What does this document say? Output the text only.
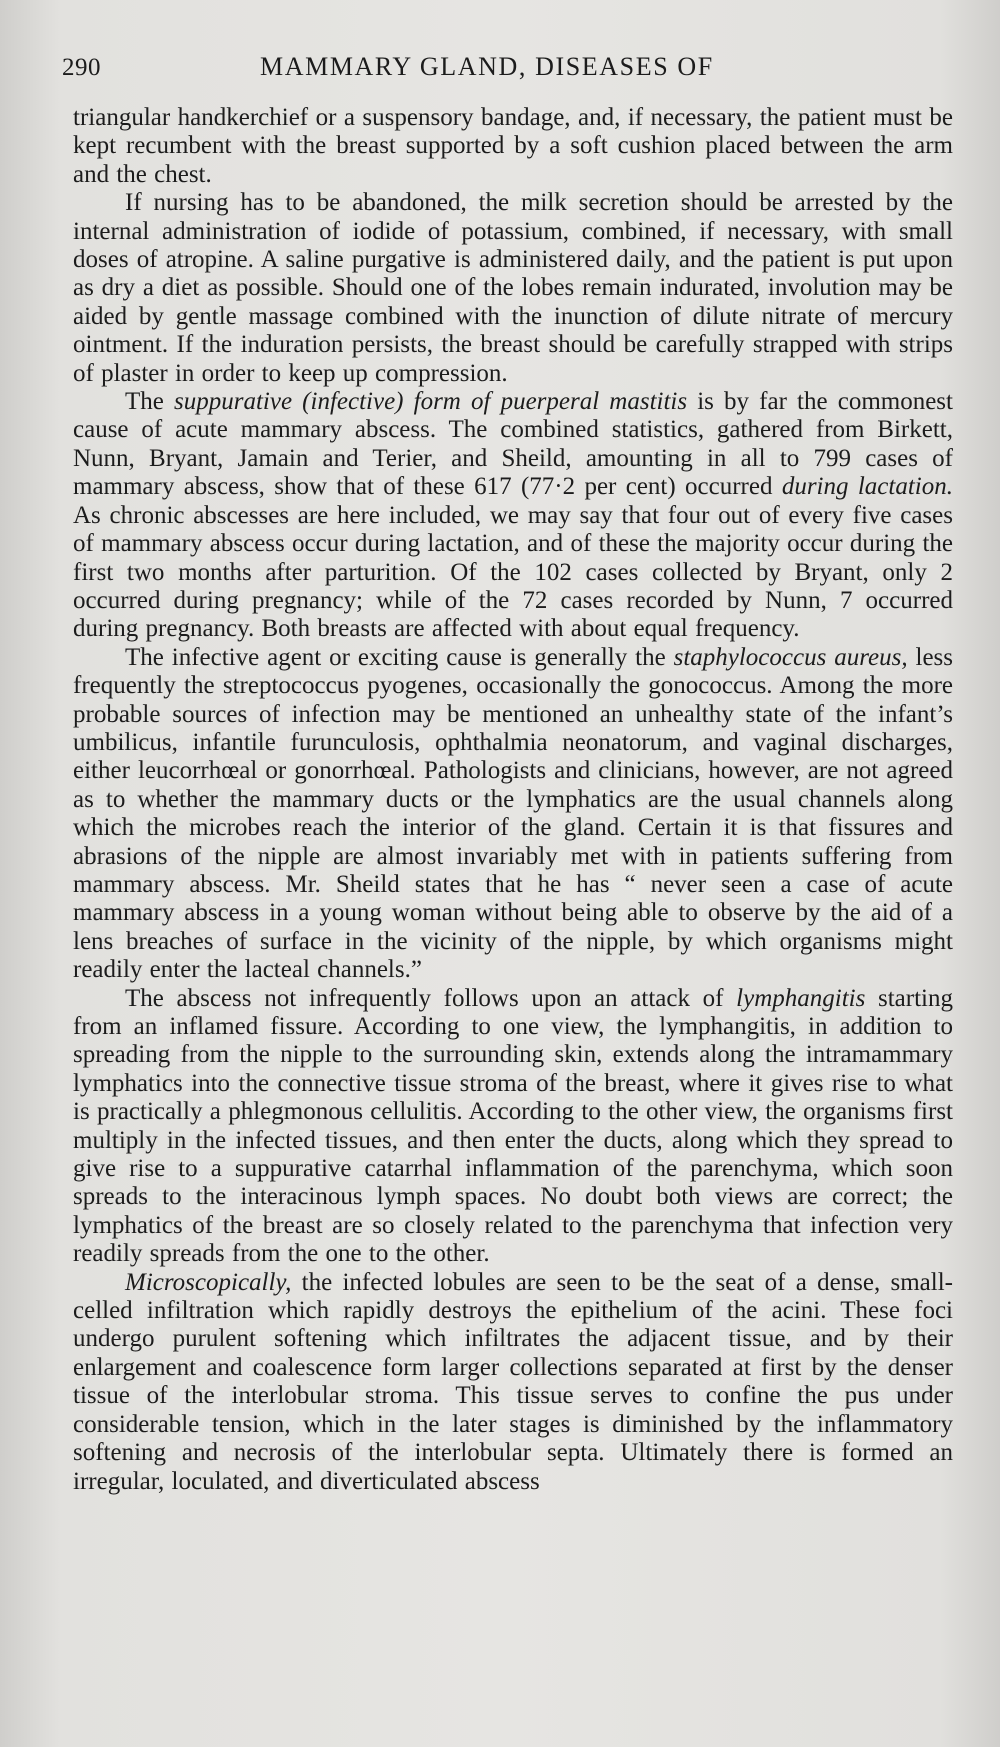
290	MAMMARY GLAND, DISEASES OF

triangular handkerchief or a suspensory bandage, and, if necessary, the patient must be kept recumbent with the breast supported by a soft cushion placed between the arm and the chest.

If nursing has to be abandoned, the milk secretion should be arrested by the internal administration of iodide of potassium, combined, if necessary, with small doses of atropine. A saline purgative is administered daily, and the patient is put upon as dry a diet as possible. Should one of the lobes remain indurated, involution may be aided by gentle massage combined with the inunction of dilute nitrate of mercury ointment. If the induration persists, the breast should be carefully strapped with strips of plaster in order to keep up compression.

The suppurative (infective) form of puerperal mastitis is by far the commonest cause of acute mammary abscess. The combined statistics, gathered from Birkett, Nunn, Bryant, Jamain and Terier, and Sheild, amounting in all to 799 cases of mammary abscess, show that of these 617 (77·2 per cent) occurred during lactation. As chronic abscesses are here included, we may say that four out of every five cases of mammary abscess occur during lactation, and of these the majority occur during the first two months after parturition. Of the 102 cases collected by Bryant, only 2 occurred during pregnancy; while of the 72 cases recorded by Nunn, 7 occurred during pregnancy. Both breasts are affected with about equal frequency.

The infective agent or exciting cause is generally the staphylococcus aureus, less frequently the streptococcus pyogenes, occasionally the gonococcus. Among the more probable sources of infection may be mentioned an unhealthy state of the infant’s umbilicus, infantile furunculosis, ophthalmia neonatorum, and vaginal discharges, either leucorrhœal or gonorrhœal. Pathologists and clinicians, however, are not agreed as to whether the mammary ducts or the lymphatics are the usual channels along which the microbes reach the interior of the gland. Certain it is that fissures and abrasions of the nipple are almost invariably met with in patients suffering from mammary abscess. Mr. Sheild states that he has “ never seen a case of acute mammary abscess in a young woman without being able to observe by the aid of a lens breaches of surface in the vicinity of the nipple, by which organisms might readily enter the lacteal channels.”

The abscess not infrequently follows upon an attack of lymphangitis starting from an inflamed fissure. According to one view, the lymphangitis, in addition to spreading from the nipple to the surrounding skin, extends along the intramammary lymphatics into the connective tissue stroma of the breast, where it gives rise to what is practically a phlegmonous cellulitis. According to the other view, the organisms first multiply in the infected tissues, and then enter the ducts, along which they spread to give rise to a suppurative catarrhal inflammation of the parenchyma, which soon spreads to the interacinous lymph spaces. No doubt both views are correct; the lymphatics of the breast are so closely related to the parenchyma that infection very readily spreads from the one to the other.

Microscopically, the infected lobules are seen to be the seat of a dense, small-celled infiltration which rapidly destroys the epithelium of the acini. These foci undergo purulent softening which infiltrates the adjacent tissue, and by their enlargement and coalescence form larger collections separated at first by the denser tissue of the interlobular stroma. This tissue serves to confine the pus under considerable tension, which in the later stages is diminished by the inflammatory softening and necrosis of the interlobular septa. Ultimately there is formed an irregular, loculated, and diverticulated abscess
